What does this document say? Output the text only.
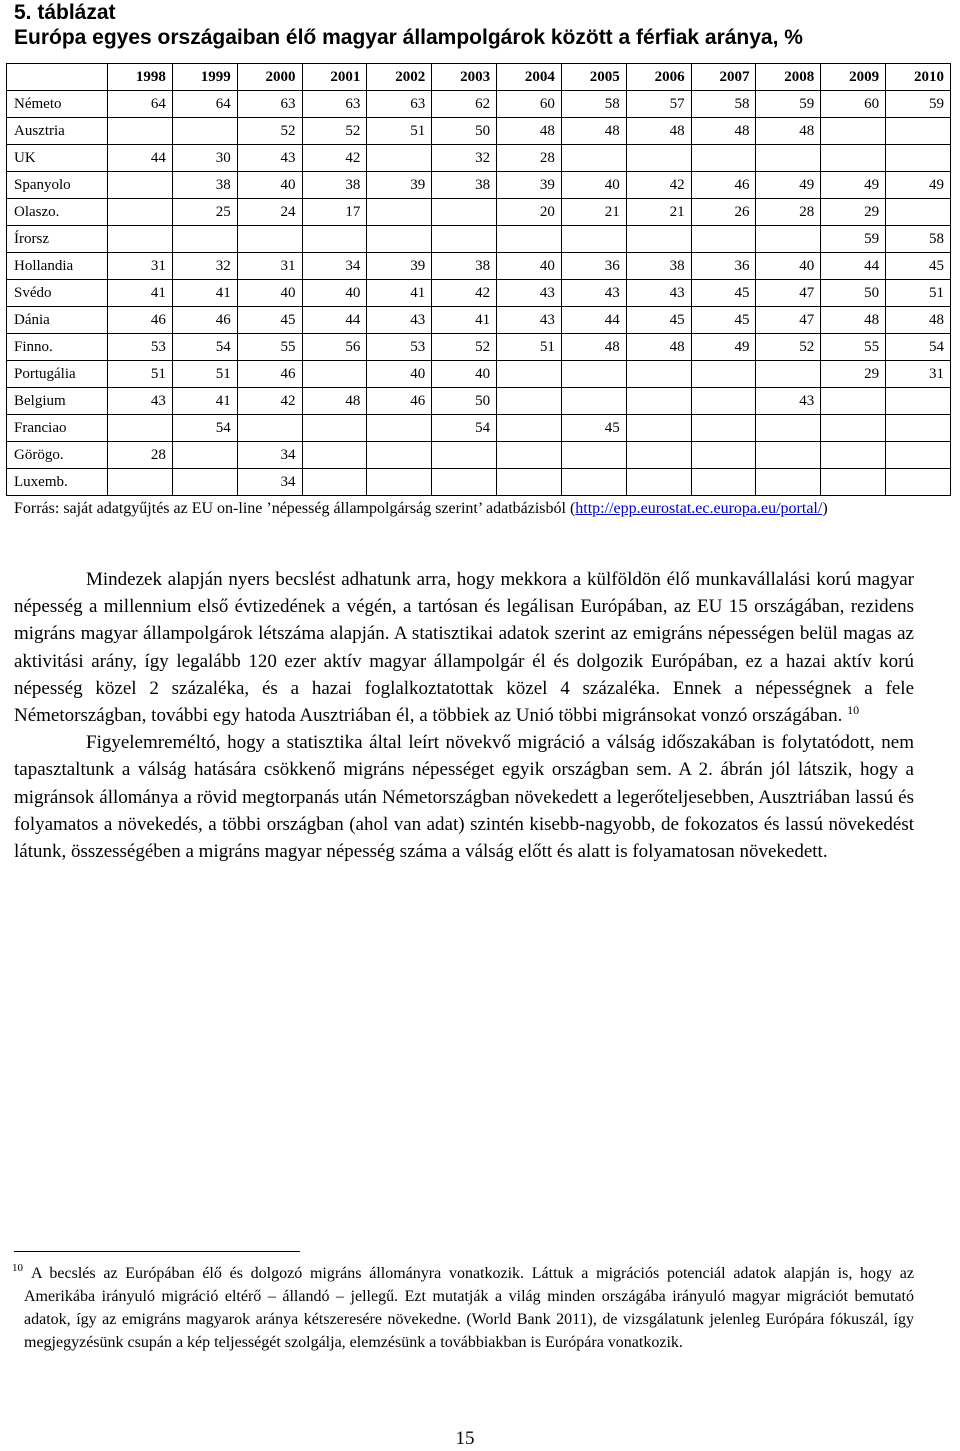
5. táblázat
Európa egyes országaiban élő magyar állampolgárok között a férfiak aránya, %
	1998	1999	2000	2001	2002	2003	2004	2005	2006	2007	2008	2009	2010
Németo	64	64	63	63	63	62	60	58	57	58	59	60	59
Ausztria			52	52	51	50	48	48	48	48	48		
UK	44	30	43	42		32	28						
Spanyolo		38	40	38	39	38	39	40	42	46	49	49	49
Olaszo.		25	24	17			20	21	21	26	28	29	
Írorsz												59	58
Hollandia	31	32	31	34	39	38	40	36	38	36	40	44	45
Svédo	41	41	40	40	41	42	43	43	43	45	47	50	51
Dánia	46	46	45	44	43	41	43	44	45	45	47	48	48
Finno.	53	54	55	56	53	52	51	48	48	49	52	55	54
Portugália	51	51	46		40	40						29	31
Belgium	43	41	42	48	46	50					43		
Franciao		54				54		45					
Görögo.	28		34										
Luxemb.			34										
Forrás: saját adatgyűjtés az EU on-line ’népesség állampolgárság szerint’ adatbázisból (http://epp.eurostat.ec.europa.eu/portal/)

Mindezek alapján nyers becslést adhatunk arra, hogy mekkora a külföldön élő munkavállalási korú magyar népesség a millennium első évtizedének a végén, a tartósan és legálisan Európában, az EU 15 országában, rezidens migráns magyar állampolgárok létszáma alapján. A statisztikai adatok szerint az emigráns népességen belül magas az aktivitási arány, így legalább 120 ezer aktív magyar állampolgár él és dolgozik Európában, ez a hazai aktív korú népesség közel 2 százaléka, és a hazai foglalkoztatottak közel 4 százaléka. Ennek a népességnek a fele Németországban, további egy hatoda Ausztriában él, a többiek az Unió többi migránsokat vonzó országában. $^{10}$

Figyelemreméltó, hogy a statisztika által leírt növekvő migráció a válság időszakában is folytatódott, nem tapasztaltunk a válság hatására csökkenő migráns népességet egyik országban sem. A 2. ábrán jól látszik, hogy a migránsok állománya a rövid megtorpanás után Németországban növekedett a legerőteljesebben, Ausztriában lassú és folyamatos a növekedés, a többi országban (ahol van adat) szintén kisebb-nagyobb, de fokozatos és lassú növekedést látunk, összességében a migráns magyar népesség száma a válság előtt és alatt is folyamatosan növekedett.

$^{10}$ A becslés az Európában élő és dolgozó migráns állományra vonatkozik. Láttuk a migrációs potenciál adatok alapján is, hogy az Amerikába irányuló migráció eltérő – állandó – jellegű. Ezt mutatják a világ minden országába irányuló magyar migrációt bemutató adatok, így az emigráns magyarok aránya kétszeresére növekedne. (World Bank 2011), de vizsgálatunk jelenleg Európára fókuszál, így megjegyzésünk csupán a kép teljességét szolgálja, elemzésünk a továbbiakban is Európára vonatkozik.
15
